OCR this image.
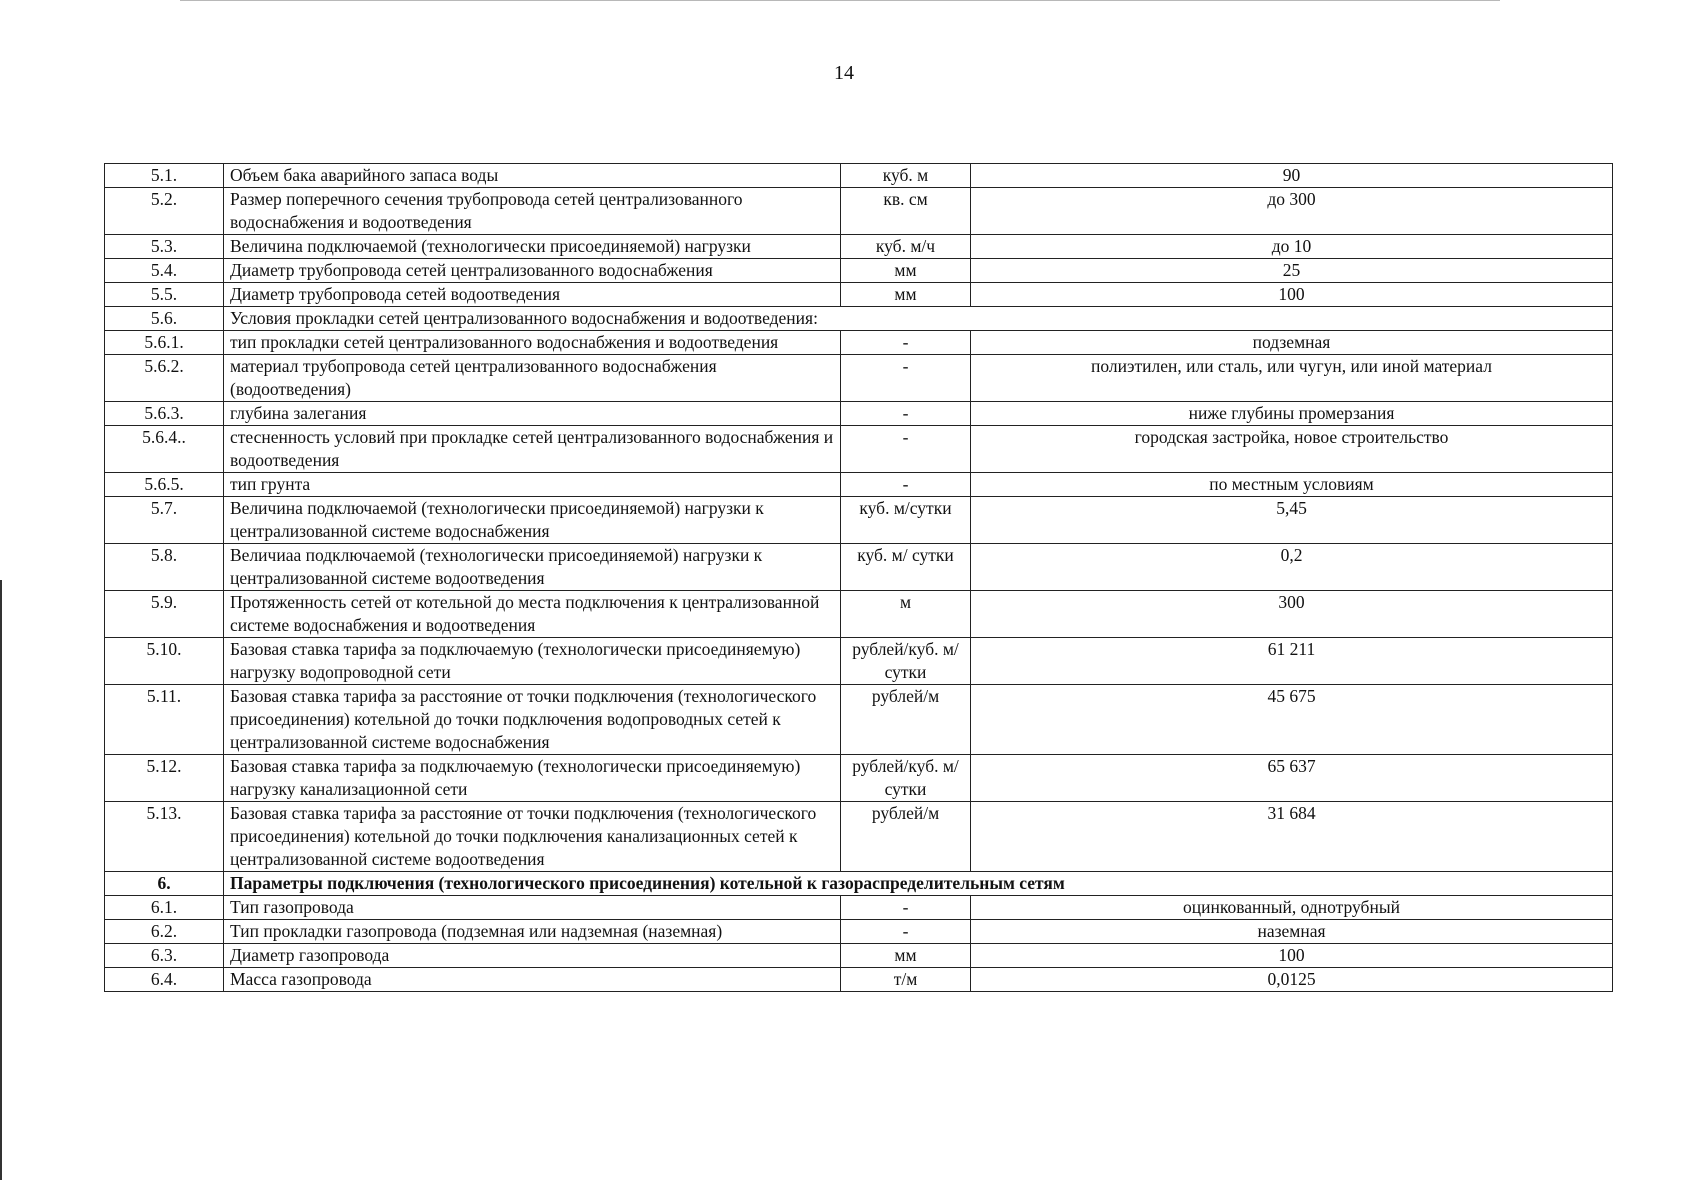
14
5.1.	Объем бака аварийного запаса воды	куб. м	90
5.2.	Размер поперечного сечения трубопровода сетей централизованного водоснабжения и водоотведения	кв. см	до 300
5.3.	Величина подключаемой (технологически присоединяемой) нагрузки	куб. м/ч	до 10
5.4.	Диаметр трубопровода сетей централизованного водоснабжения	мм	25
5.5.	Диаметр трубопровода сетей водоотведения	мм	100
5.6.	Условия прокладки сетей централизованного водоснабжения и водоотведения:		
5.6.1.	тип прокладки сетей централизованного водоснабжения и водоотведения	-	подземная
5.6.2.	материал трубопровода сетей централизованного водоснабжения (водоотведения)	-	полиэтилен, или сталь, или чугун, или иной материал
5.6.3.	глубина залегания	-	ниже глубины промерзания
5.6.4..	стесненность условий при прокладке сетей централизованного водоснабжения и водоотведения	-	городская застройка, новое строительство
5.6.5.	тип грунта	-	по местным условиям
5.7.	Величина подключаемой (технологически присоединяемой) нагрузки к централизованной системе водоснабжения	куб. м/сутки	5,45
5.8.	Величиаа подключаемой (технологически присоединяемой) нагрузки к централизованной системе водоотведения	куб. м/ сутки	0,2
5.9.	Протяженность сетей от котельной до места подключения к централизованной системе водоснабжения и водоотведения	м	300
5.10.	Базовая ставка тарифа за подключаемую (технологически присоединяемую) нагрузку водопроводной сети	рублей/куб. м/сутки	61 211
5.11.	Базовая ставка тарифа за расстояние от точки подключения (технологического присоединения) котельной до точки подключения водопроводных сетей к централизованной системе водоснабжения	рублей/м	45 675
5.12.	Базовая ставка тарифа за подключаемую (технологически присоединяемую) нагрузку канализационной сети	рублей/куб. м/сутки	65 637
5.13.	Базовая ставка тарифа за расстояние от точки подключения (технологического присоединения) котельной до точки подключения канализационных сетей к централизованной системе водоотведения	рублей/м	31 684
6.	Параметры подключения (технологического присоединения) котельной к газораспределительным сетям		
6.1.	Тип газопровода	-	оцинкованный, однотрубный
6.2.	Тип прокладки газопровода (подземная или надземная (наземная)	-	наземная
6.3.	Диаметр газопровода	мм	100
6.4.	Масса газопровода	т/м	0,0125
